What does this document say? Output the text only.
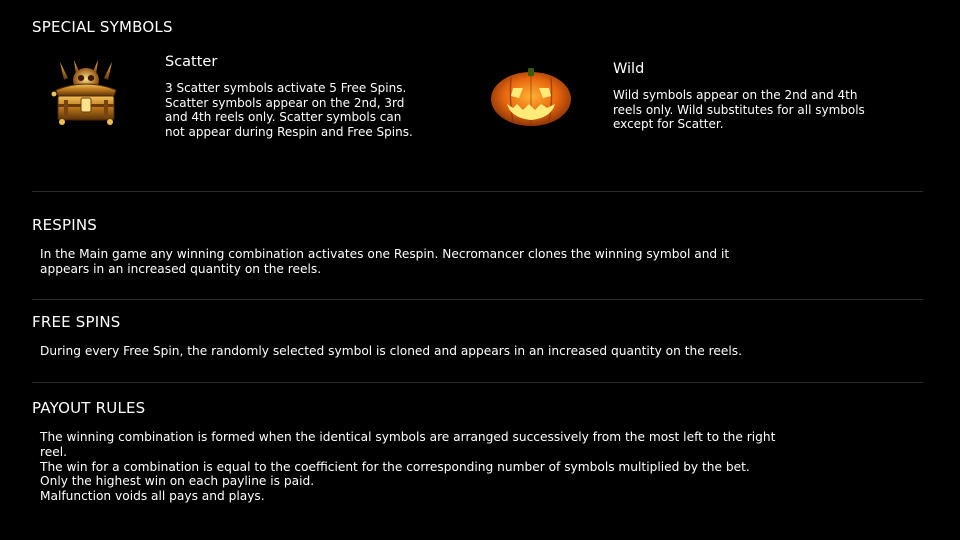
SPECIAL SYMBOLS
Scatter
3 Scatter symbols activate 5 Free Spins.
Scatter symbols appear on the 2nd, 3rd
and 4th reels only. Scatter symbols can
not appear during Respin and Free Spins.
Wild
Wild symbols appear on the 2nd and 4th
reels only. Wild substitutes for all symbols
except for Scatter.
RESPINS
In the Main game any winning combination activates one Respin. Necromancer clones the winning symbol and it
appears in an increased quantity on the reels.
FREE SPINS
During every Free Spin, the randomly selected symbol is cloned and appears in an increased quantity on the reels.
PAYOUT RULES
The winning combination is formed when the identical symbols are arranged successively from the most left to the right
reel.
The win for a combination is equal to the coefficient for the corresponding number of symbols multiplied by the bet.
Only the highest win on each payline is paid.
Malfunction voids all pays and plays.
